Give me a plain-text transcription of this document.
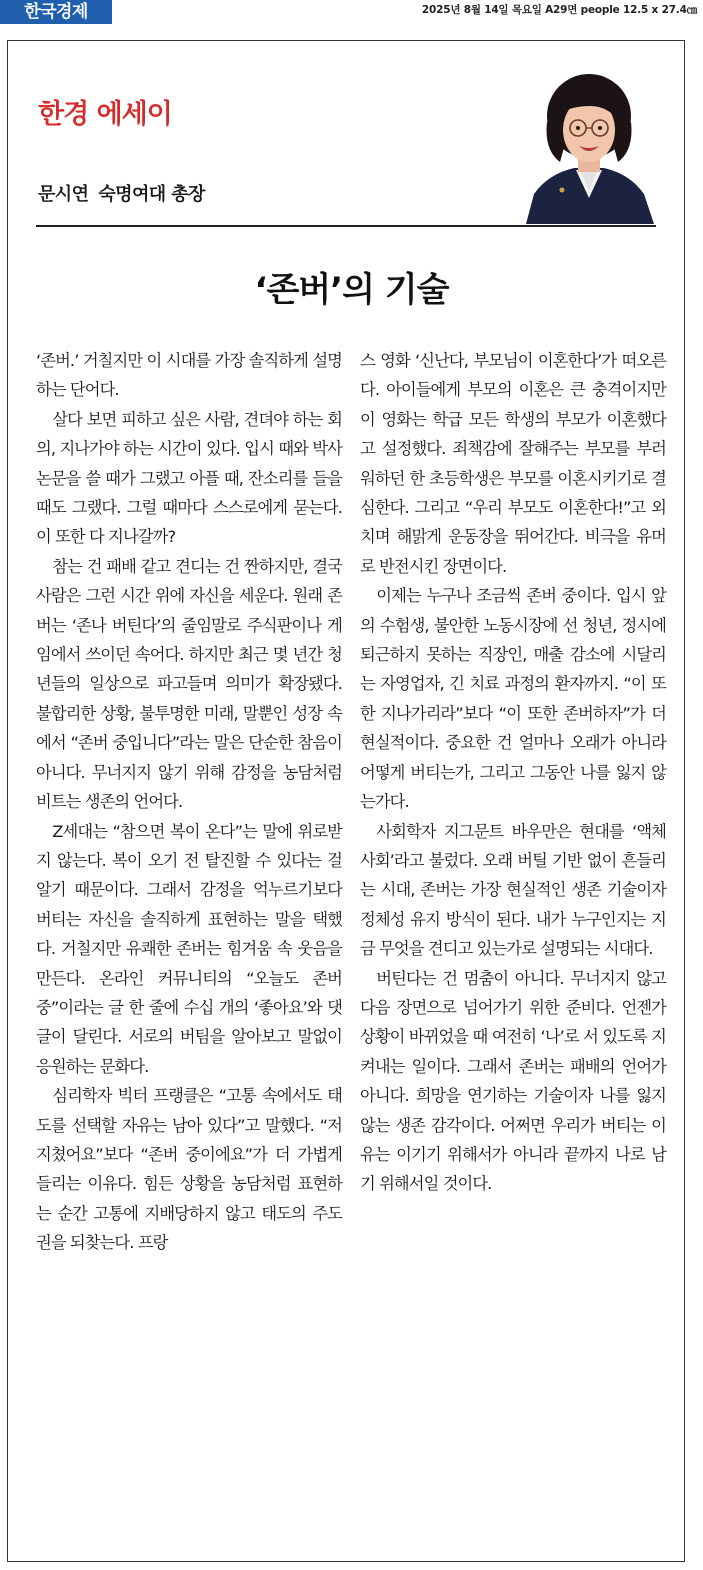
한국경제	2025년 8월 14일 목요일 A29면 people 12.5 x 27.4㎝
한경 에세이
문시연 숙명여대 총장
‘존버’의 기술

‘존버.’ 거칠지만 이 시대를 가장 솔직하게 설명하는 단어다.

살다 보면 피하고 싶은 사람, 견뎌야 하는 회의, 지나가야 하는 시간이 있다. 입시 때와 박사 논문을 쓸 때가 그랬고 아플 때, 잔소리를 들을 때도 그랬다. 그럴 때마다 스스로에게 묻는다. 이 또한 다 지나갈까?

참는 건 패배 같고 견디는 건 짠하지만, 결국 사람은 그런 시간 위에 자신을 세운다. 원래 존버는 ‘존나 버틴다’의 줄임말로 주식판이나 게임에서 쓰이던 속어다. 하지만 최근 몇 년간 청년들의 일상으로 파고들며 의미가 확장됐다. 불합리한 상황, 불투명한 미래, 말뿐인 성장 속에서 “존버 중입니다”라는 말은 단순한 참음이 아니다. 무너지지 않기 위해 감정을 농담처럼 비트는 생존의 언어다.

Z세대는 “참으면 복이 온다”는 말에 위로받지 않는다. 복이 오기 전 탈진할 수 있다는 걸 알기 때문이다. 그래서 감정을 억누르기보다 버티는 자신을 솔직하게 표현하는 말을 택했다. 거칠지만 유쾌한 존버는 힘겨움 속 웃음을 만든다. 온라인 커뮤니티의 “오늘도 존버 중”이라는 글 한 줄에 수십 개의 ‘좋아요’와 댓글이 달린다. 서로의 버팀을 알아보고 말없이 응원하는 문화다.

심리학자 빅터 프랭클은 “고통 속에서도 태도를 선택할 자유는 남아 있다”고 말했다. “저 지쳤어요”보다 “존버 중이에요”가 더 가볍게 들리는 이유다. 힘든 상황을 농담처럼 표현하는 순간 고통에 지배당하지 않고 태도의 주도권을 되찾는다. 프랑

스 영화 ‘신난다, 부모님이 이혼한다’가 떠오른다. 아이들에게 부모의 이혼은 큰 충격이지만 이 영화는 학급 모든 학생의 부모가 이혼했다고 설정했다. 죄책감에 잘해주는 부모를 부러워하던 한 초등학생은 부모를 이혼시키기로 결심한다. 그리고 “우리 부모도 이혼한다!”고 외치며 해맑게 운동장을 뛰어간다. 비극을 유머로 반전시킨 장면이다.

이제는 누구나 조금씩 존버 중이다. 입시 앞의 수험생, 불안한 노동시장에 선 청년, 정시에 퇴근하지 못하는 직장인, 매출 감소에 시달리는 자영업자, 긴 치료 과정의 환자까지. “이 또한 지나가리라”보다 “이 또한 존버하자”가 더 현실적이다. 중요한 건 얼마나 오래가 아니라 어떻게 버티는가, 그리고 그동안 나를 잃지 않는가다.

사회학자 지그문트 바우만은 현대를 ‘액체 사회’라고 불렀다. 오래 버틸 기반 없이 흔들리는 시대, 존버는 가장 현실적인 생존 기술이자 정체성 유지 방식이 된다. 내가 누구인지는 지금 무엇을 견디고 있는가로 설명되는 시대다.

버틴다는 건 멈춤이 아니다. 무너지지 않고 다음 장면으로 넘어가기 위한 준비다. 언젠가 상황이 바뀌었을 때 여전히 ‘나’로 서 있도록 지켜내는 일이다. 그래서 존버는 패배의 언어가 아니다. 희망을 연기하는 기술이자 나를 잃지 않는 생존 감각이다. 어쩌면 우리가 버티는 이유는 이기기 위해서가 아니라 끝까지 나로 남기 위해서일 것이다.
